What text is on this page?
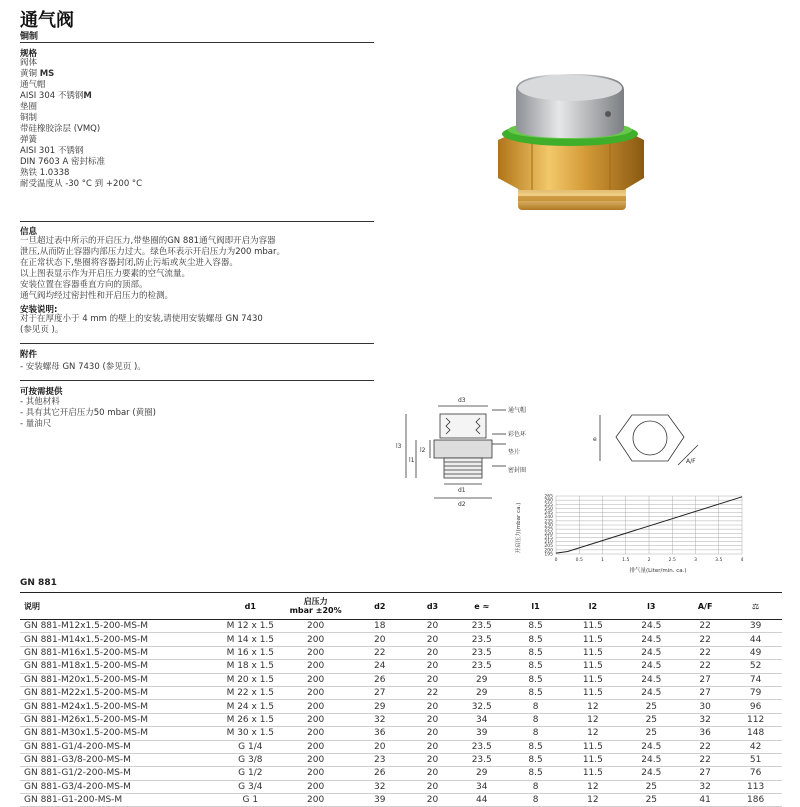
通气阀
铜制
规格
阀体
黄铜 MS
通气帽
AISI 304 不锈钢M
垫圈
铜制
带硅橡胶涂层 (VMQ)
弹簧
AISI 301 不锈钢
DIN 7603 A 密封标准
熟铁 1.0338
耐受温度从 -30 °C 到 +200 °C
信息
一旦超过表中所示的开启压力,带垫圈的GN 881通气阀即开启为容器
泄压,从而防止容器内部压力过大。绿色环表示开启压力为200 mbar。
在正常状态下,垫圈将容器封闭,防止污垢或灰尘进入容器。
以上图表显示作为开启压力要素的空气流量。
安装位置在容器垂直方向的顶部。
通气阀均经过密封性和开启压力的检测。
安装说明:
对于在厚度小于 4 mm 的壁上的安装,请使用安装螺母 GN 7430
(参见页 )。
附件
- 安装螺母 GN 7430 (参见页 )。
可按需提供
- 其他材料
- 具有其它开启压力50 mbar (黄圈)
- 量油尺
d3
d1
d2
l3
l1
l2
通气帽
彩色环
垫片
密封圈
e
A/F
0	0.5	1	1.5	2	2.5	3	3.5	4
195
200
205
210
215
220
225
230
235
240
245
250
255
260
265
排气量(Liter/min. ca.)
开启压力(mbar ca.)
GN 881
说明	d1	启压力
mbar ±20%	d2	d3	e ≈	l1	l2	l3	A/F	⚖
GN 881-M12x1.5-200-MS-M	M 12 x 1.5	200	18	20	23.5	8.5	11.5	24.5	22	39
GN 881-M14x1.5-200-MS-M	M 14 x 1.5	200	20	20	23.5	8.5	11.5	24.5	22	44
GN 881-M16x1.5-200-MS-M	M 16 x 1.5	200	22	20	23.5	8.5	11.5	24.5	22	49
GN 881-M18x1.5-200-MS-M	M 18 x 1.5	200	24	20	23.5	8.5	11.5	24.5	22	52
GN 881-M20x1.5-200-MS-M	M 20 x 1.5	200	26	20	29	8.5	11.5	24.5	27	74
GN 881-M22x1.5-200-MS-M	M 22 x 1.5	200	27	22	29	8.5	11.5	24.5	27	79
GN 881-M24x1.5-200-MS-M	M 24 x 1.5	200	29	20	32.5	8	12	25	30	96
GN 881-M26x1.5-200-MS-M	M 26 x 1.5	200	32	20	34	8	12	25	32	112
GN 881-M30x1.5-200-MS-M	M 30 x 1.5	200	36	20	39	8	12	25	36	148
GN 881-G1/4-200-MS-M	G 1/4	200	20	20	23.5	8.5	11.5	24.5	22	42
GN 881-G3/8-200-MS-M	G 3/8	200	23	20	23.5	8.5	11.5	24.5	22	51
GN 881-G1/2-200-MS-M	G 1/2	200	26	20	29	8.5	11.5	24.5	27	76
GN 881-G3/4-200-MS-M	G 3/4	200	32	20	34	8	12	25	32	113
GN 881-G1-200-MS-M	G 1	200	39	20	44	8	12	25	41	186
